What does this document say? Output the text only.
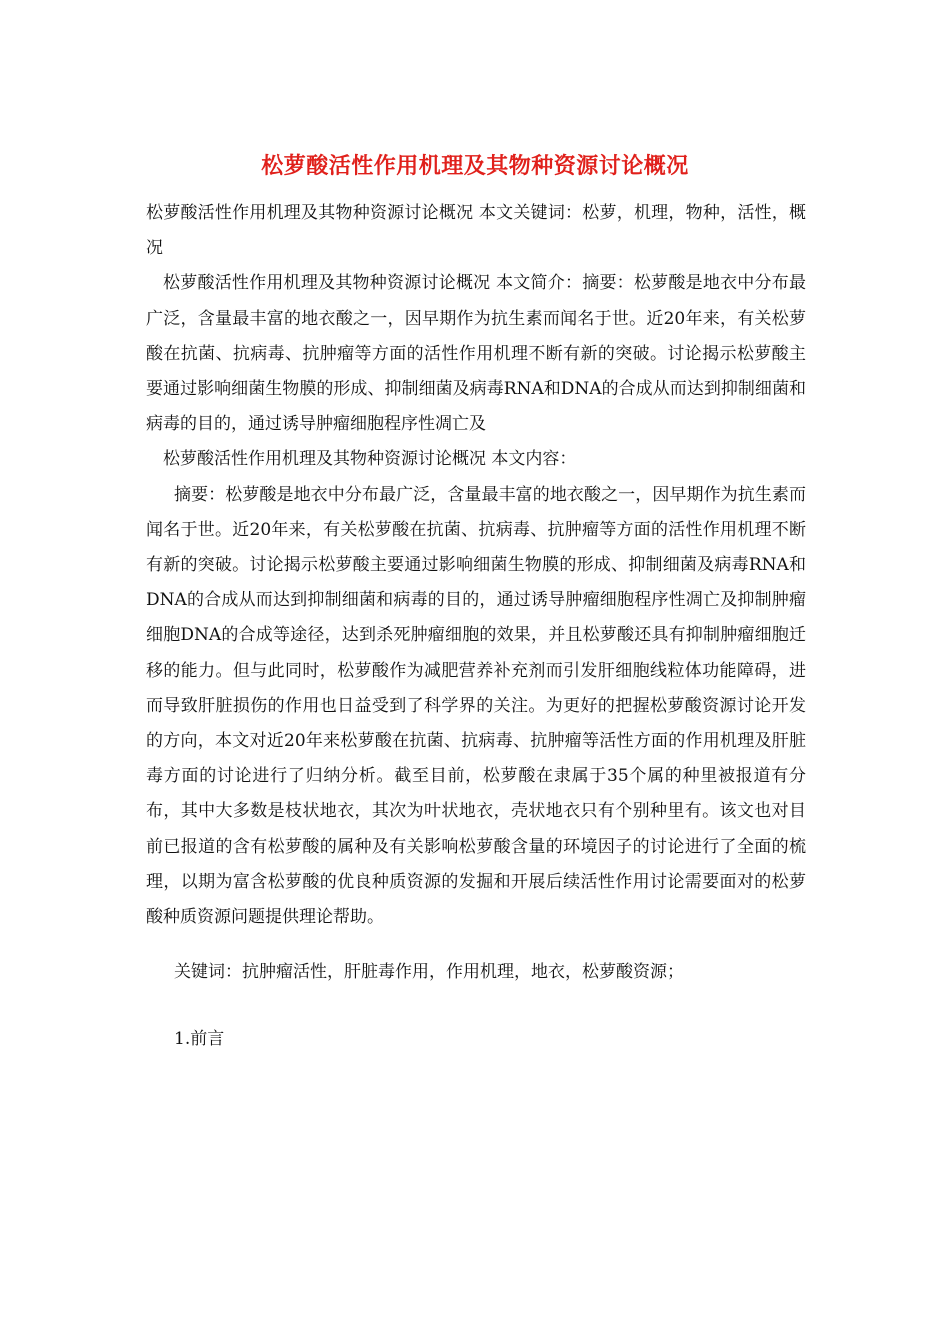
松萝酸活性作用机理及其物种资源讨论概况

松萝酸活性作用机理及其物种资源讨论概况 本文关键词：松萝，机理，物种，活性，概况

松萝酸活性作用机理及其物种资源讨论概况 本文简介：摘要：松萝酸是地衣中分布最广泛，含量最丰富的地衣酸之一，因早期作为抗生素而闻名于世。近20年来，有关松萝酸在抗菌、抗病毒、抗肿瘤等方面的活性作用机理不断有新的突破。讨论揭示松萝酸主要通过影响细菌生物膜的形成、抑制细菌及病毒RNA和DNA的合成从而达到抑制细菌和病毒的目的，通过诱导肿瘤细胞程序性凋亡及

松萝酸活性作用机理及其物种资源讨论概况 本文内容：

摘要：松萝酸是地衣中分布最广泛，含量最丰富的地衣酸之一，因早期作为抗生素而闻名于世。近20年来，有关松萝酸在抗菌、抗病毒、抗肿瘤等方面的活性作用机理不断有新的突破。讨论揭示松萝酸主要通过影响细菌生物膜的形成、抑制细菌及病毒RNA和DNA的合成从而达到抑制细菌和病毒的目的，通过诱导肿瘤细胞程序性凋亡及抑制肿瘤细胞DNA的合成等途径，达到杀死肿瘤细胞的效果，并且松萝酸还具有抑制肿瘤细胞迁移的能力。但与此同时，松萝酸作为减肥营养补充剂而引发肝细胞线粒体功能障碍，进而导致肝脏损伤的作用也日益受到了科学界的关注。为更好的把握松萝酸资源讨论开发的方向，本文对近20年来松萝酸在抗菌、抗病毒、抗肿瘤等活性方面的作用机理及肝脏毒方面的讨论进行了归纳分析。截至目前，松萝酸在隶属于35个属的种里被报道有分布，其中大多数是枝状地衣，其次为叶状地衣，壳状地衣只有个别种里有。该文也对目前已报道的含有松萝酸的属种及有关影响松萝酸含量的环境因子的讨论进行了全面的梳理，以期为富含松萝酸的优良种质资源的发掘和开展后续活性作用讨论需要面对的松萝酸种质资源问题提供理论帮助。

关键词：抗肿瘤活性，肝脏毒作用，作用机理，地衣，松萝酸资源；

1.前言
